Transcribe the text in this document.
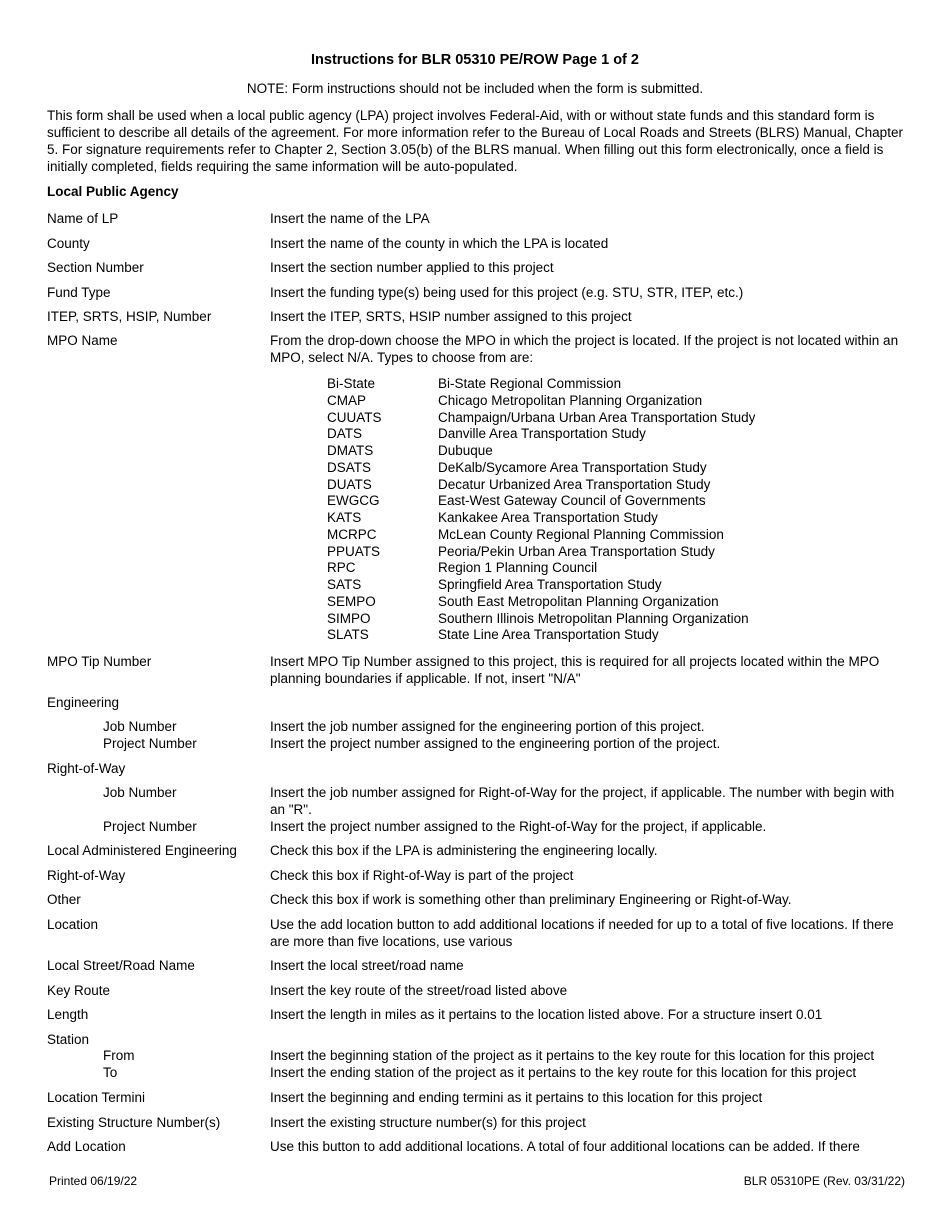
Instructions for BLR 05310 PE/ROW Page 1 of 2
NOTE: Form instructions should not be included when the form is submitted.
This form shall be used when a local public agency (LPA) project involves Federal-Aid, with or without state funds and this standard form is sufficient to describe all details of the agreement. For more information refer to the Bureau of Local Roads and Streets (BLRS) Manual, Chapter 5. For signature requirements refer to Chapter 2, Section 3.05(b) of the BLRS manual. When filling out this form electronically, once a field is initially completed, fields requiring the same information will be auto-populated.
Local Public Agency
Name of LP	Insert the name of the LPA
County	Insert the name of the county in which the LPA is located
Section Number	Insert the section number applied to this project
Fund Type	Insert the funding type(s) being used for this project (e.g. STU, STR, ITEP, etc.)
ITEP, SRTS, HSIP, Number	Insert the ITEP, SRTS, HSIP number assigned to this project
MPO Name	From the drop-down choose the MPO in which the project is located. If the project is not located within an MPO, select N/A. Types to choose from are:
Bi-State	Bi-State Regional Commission
CMAP	Chicago Metropolitan Planning Organization
CUUATS	Champaign/Urbana Urban Area Transportation Study
DATS	Danville Area Transportation Study
DMATS	Dubuque
DSATS	DeKalb/Sycamore Area Transportation Study
DUATS	Decatur Urbanized Area Transportation Study
EWGCG	East-West Gateway Council of Governments
KATS	Kankakee Area Transportation Study
MCRPC	McLean County Regional Planning Commission
PPUATS	Peoria/Pekin Urban Area Transportation Study
RPC	Region 1 Planning Council
SATS	Springfield Area Transportation Study
SEMPO	South East Metropolitan Planning Organization
SIMPO	Southern Illinois Metropolitan Planning Organization
SLATS	State Line Area Transportation Study
MPO Tip Number	Insert MPO Tip Number assigned to this project, this is required for all projects located within the MPO planning boundaries if applicable. If not, insert "N/A"
Engineering
Job Number	Insert the job number assigned for the engineering portion of this project.
Project Number	Insert the project number assigned to the engineering portion of the project.
Right-of-Way
Job Number	Insert the job number assigned for Right-of-Way for the project, if applicable. The number with begin with an "R".
Project Number	Insert the project number assigned to the Right-of-Way for the project, if applicable.
Local Administered Engineering	Check this box if the LPA is administering the engineering locally.
Right-of-Way	Check this box if Right-of-Way is part of the project
Other	Check this box if work is something other than preliminary Engineering or Right-of-Way.
Location	Use the add location button to add additional locations if needed for up to a total of five locations. If there are more than five locations, use various
Local Street/Road Name	Insert the local street/road name
Key Route	Insert the key route of the street/road listed above
Length	Insert the length in miles as it pertains to the location listed above. For a structure insert 0.01
Station
From	Insert the beginning station of the project as it pertains to the key route for this location for this project
To	Insert the ending station of the project as it pertains to the key route for this location for this project
Location Termini	Insert the beginning and ending termini as it pertains to this location for this project
Existing Structure Number(s)	Insert the existing structure number(s) for this project
Add Location	Use this button to add additional locations. A total of four additional locations can be added. If there
Printed 06/19/22	BLR 05310PE (Rev. 03/31/22)
